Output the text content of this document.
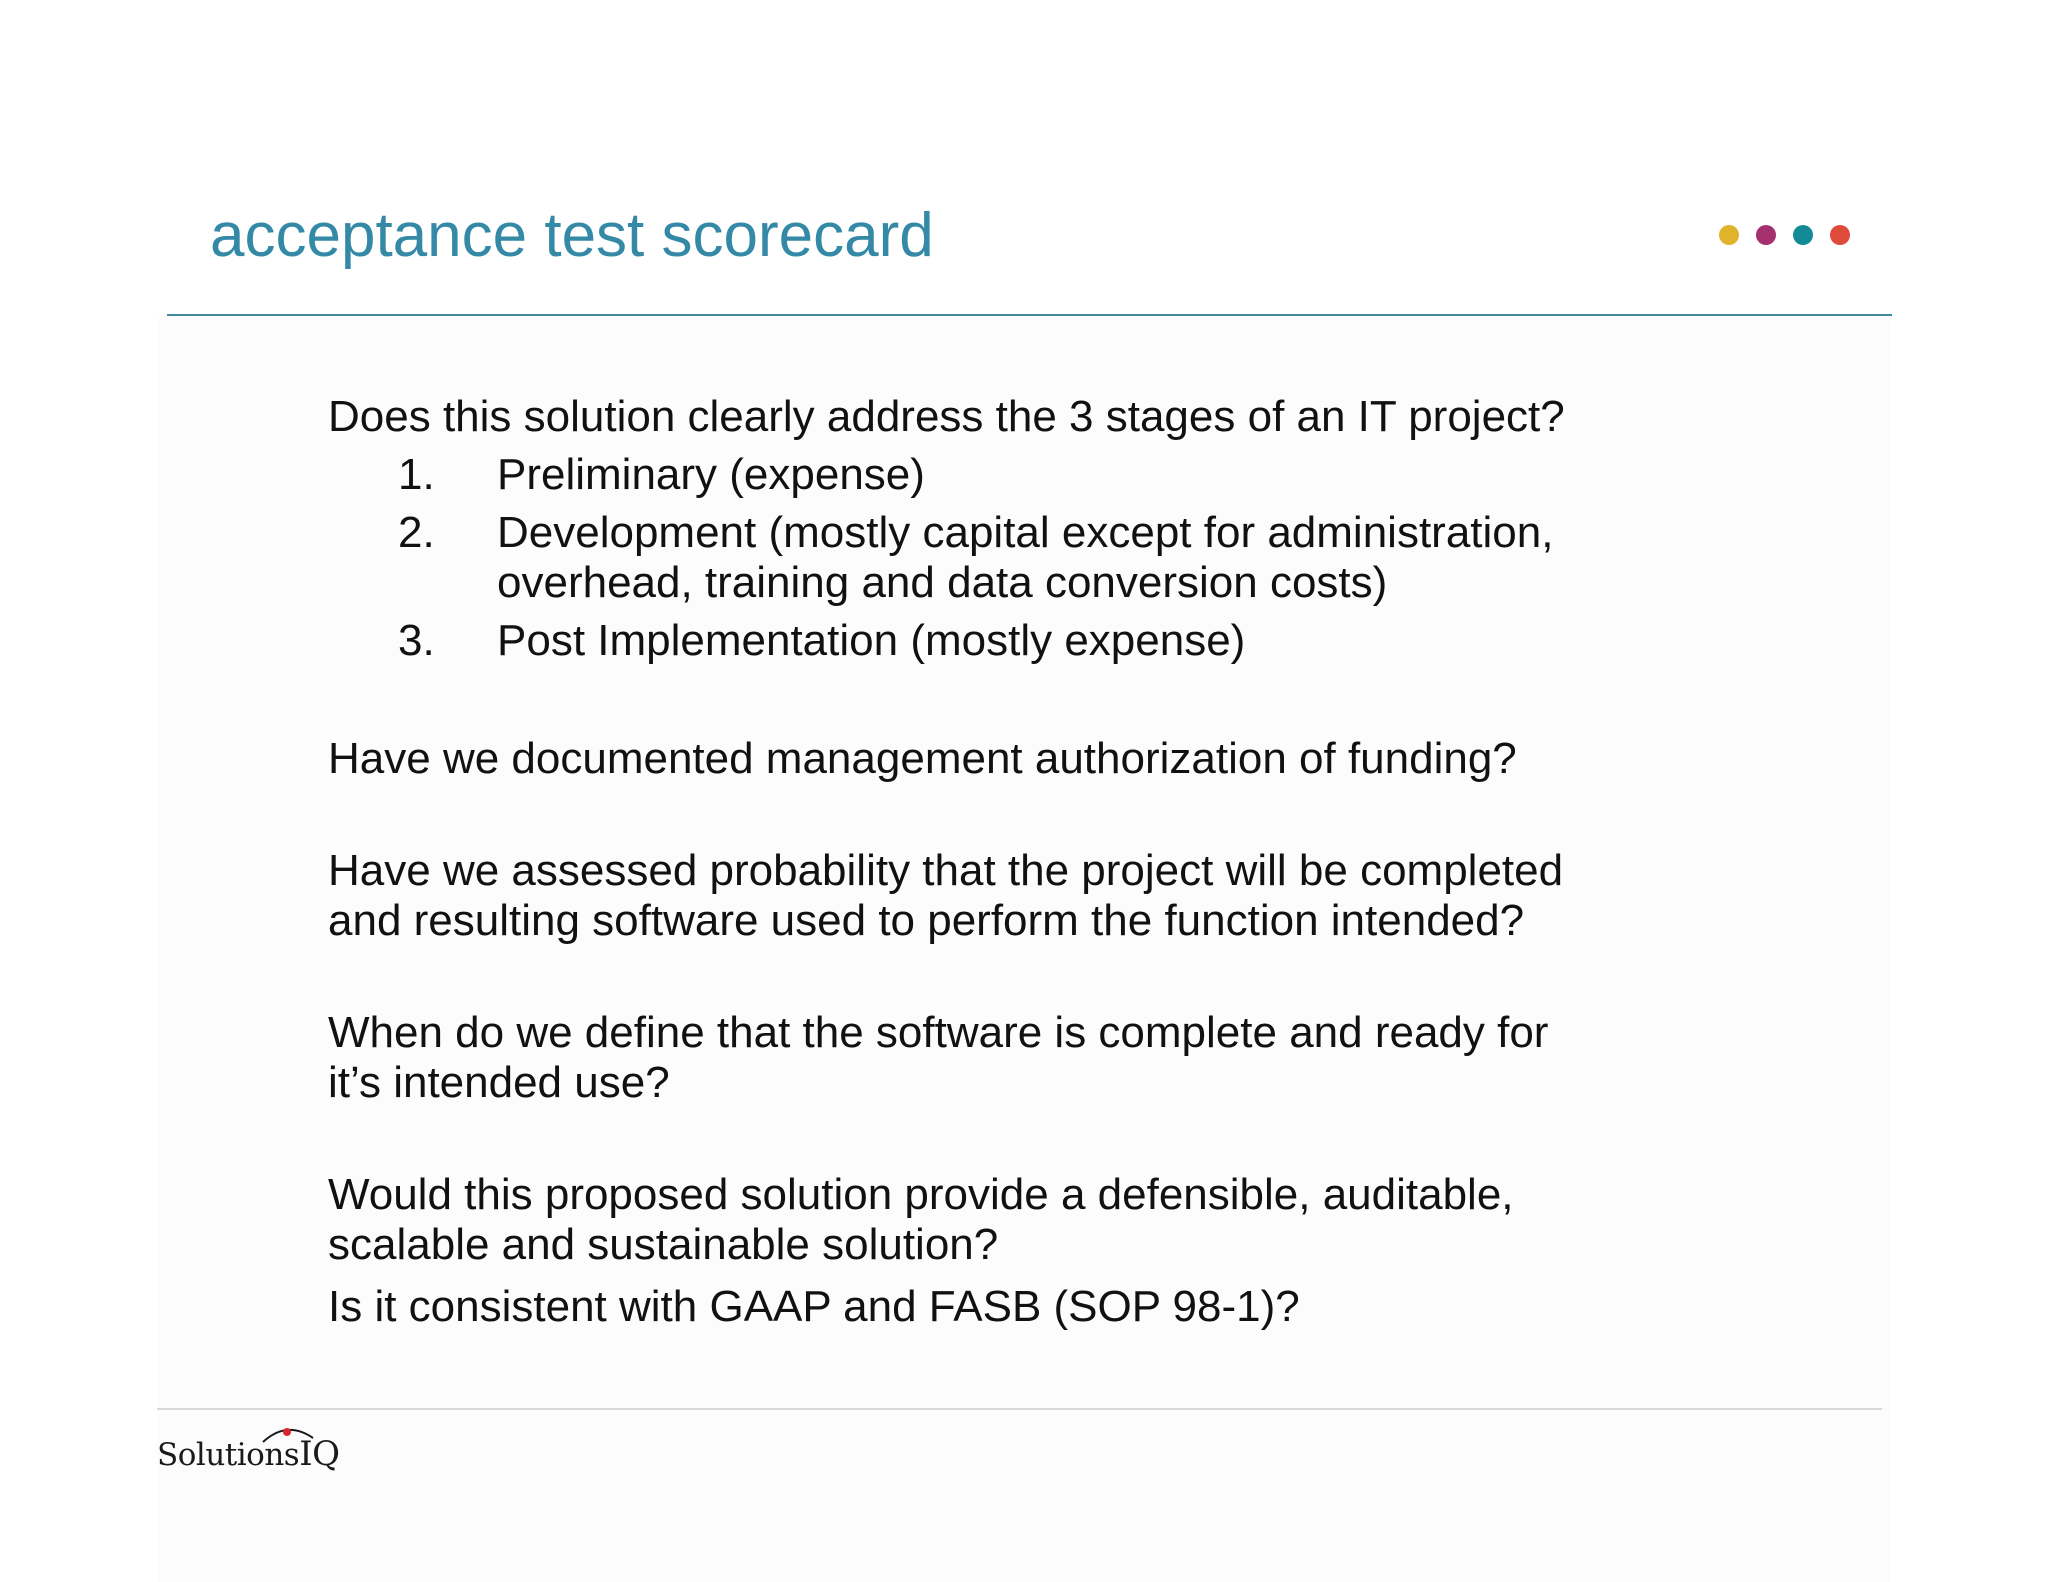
acceptance test scorecard

Does this solution clearly address the 3 stages of an IT project?

1.	Preliminary (expense)
2.	Development (mostly capital except for administration,
overhead, training and data conversion costs)
3.	Post Implementation (mostly expense)

Have we documented management authorization of funding?

Have we assessed probability that the project will be completed
and resulting software used to perform the function intended?

When do we define that the software is complete and ready for
it’s intended use?

Would this proposed solution provide a defensible, auditable,
scalable and sustainable solution?

Is it consistent with GAAP and FASB (SOP 98-1)?

SolutionsIQ
